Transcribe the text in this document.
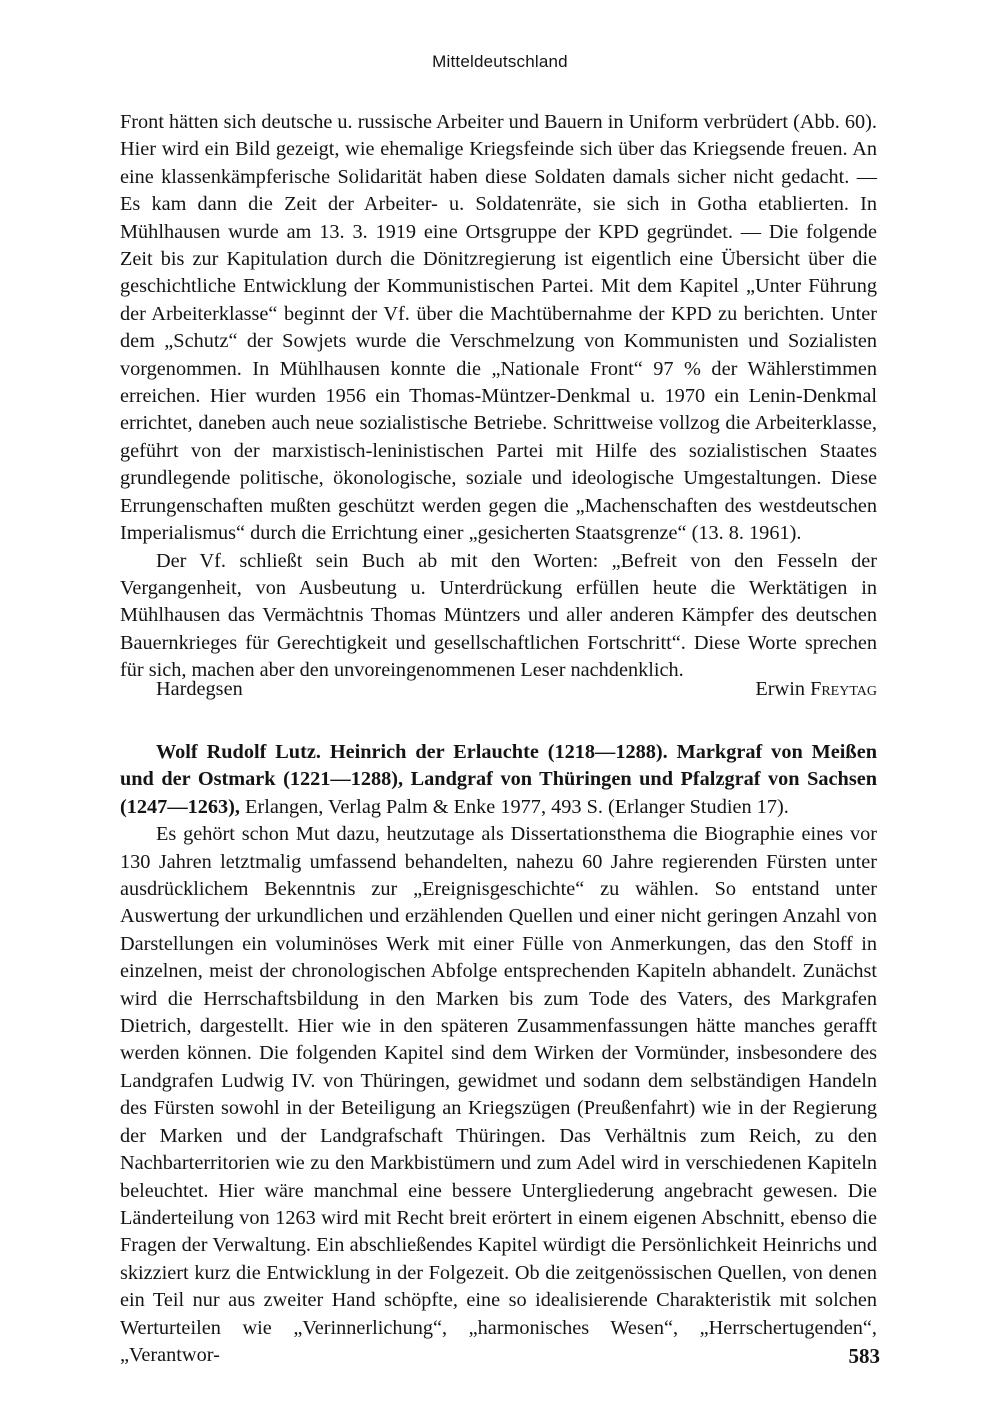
Mitteldeutschland

Front hätten sich deutsche u. russische Arbeiter und Bauern in Uniform verbrüdert (Abb. 60). Hier wird ein Bild gezeigt, wie ehemalige Kriegsfeinde sich über das Kriegsende freuen. An eine klassenkämpferische Solidarität haben diese Soldaten damals sicher nicht gedacht. — Es kam dann die Zeit der Arbeiter- u. Soldatenräte, sie sich in Gotha etablierten. In Mühlhausen wurde am 13. 3. 1919 eine Ortsgruppe der KPD gegründet. — Die folgende Zeit bis zur Kapitulation durch die Dönitzregierung ist eigentlich eine Übersicht über die geschichtliche Entwicklung der Kommunistischen Partei. Mit dem Kapitel „Unter Führung der Arbeiterklasse“ beginnt der Vf. über die Machtübernahme der KPD zu berichten. Unter dem „Schutz“ der Sowjets wurde die Verschmelzung von Kommunisten und Sozialisten vorgenommen. In Mühlhausen konnte die „Nationale Front“ 97 % der Wählerstimmen erreichen. Hier wurden 1956 ein Thomas-Müntzer-Denkmal u. 1970 ein Lenin-Denkmal errichtet, daneben auch neue sozialistische Betriebe. Schrittweise vollzog die Arbeiterklasse, geführt von der marxistisch-leninistischen Partei mit Hilfe des sozialistischen Staates grundlegende politische, ökonologische, soziale und ideologische Umgestaltungen. Diese Errungenschaften mußten geschützt werden gegen die „Machenschaften des westdeutschen Imperialismus“ durch die Errichtung einer „gesicherten Staatsgrenze“ (13. 8. 1961).

Der Vf. schließt sein Buch ab mit den Worten: „Befreit von den Fesseln der Vergangenheit, von Ausbeutung u. Unterdrückung erfüllen heute die Werktätigen in Mühlhausen das Vermächtnis Thomas Müntzers und aller anderen Kämpfer des deutschen Bauernkrieges für Gerechtigkeit und gesellschaftlichen Fortschritt“. Diese Worte sprechen für sich, machen aber den unvoreingenommenen Leser nachdenklich.

Hardegsen	Erwin Freytag

Wolf Rudolf Lutz. Heinrich der Erlauchte (1218—1288). Markgraf von Meißen und der Ostmark (1221—1288), Landgraf von Thüringen und Pfalzgraf von Sachsen (1247—1263), Erlangen, Verlag Palm & Enke 1977, 493 S. (Erlanger Studien 17).

Es gehört schon Mut dazu, heutzutage als Dissertationsthema die Biographie eines vor 130 Jahren letztmalig umfassend behandelten, nahezu 60 Jahre regierenden Fürsten unter ausdrücklichem Bekenntnis zur „Ereignisgeschichte“ zu wählen. So entstand unter Auswertung der urkundlichen und erzählenden Quellen und einer nicht geringen Anzahl von Darstellungen ein voluminöses Werk mit einer Fülle von Anmerkungen, das den Stoff in einzelnen, meist der chronologischen Abfolge entsprechenden Kapiteln abhandelt. Zunächst wird die Herrschaftsbildung in den Marken bis zum Tode des Vaters, des Markgrafen Dietrich, dargestellt. Hier wie in den späteren Zusammenfassungen hätte manches gerafft werden können. Die folgenden Kapitel sind dem Wirken der Vormünder, insbesondere des Landgrafen Ludwig IV. von Thüringen, gewidmet und sodann dem selbständigen Handeln des Fürsten sowohl in der Beteiligung an Kriegszügen (Preußenfahrt) wie in der Regierung der Marken und der Landgrafschaft Thüringen. Das Verhältnis zum Reich, zu den Nachbarterritorien wie zu den Markbistümern und zum Adel wird in verschiedenen Kapiteln beleuchtet. Hier wäre manchmal eine bessere Untergliederung angebracht gewesen. Die Länderteilung von 1263 wird mit Recht breit erörtert in einem eigenen Abschnitt, ebenso die Fragen der Verwaltung. Ein abschließendes Kapitel würdigt die Persönlichkeit Heinrichs und skizziert kurz die Entwicklung in der Folgezeit. Ob die zeitgenössischen Quellen, von denen ein Teil nur aus zweiter Hand schöpfte, eine so idealisierende Charakteristik mit solchen Werturteilen wie „Verinnerlichung“, „harmonisches Wesen“, „Herrschertugenden“, „Verantwor-	583
